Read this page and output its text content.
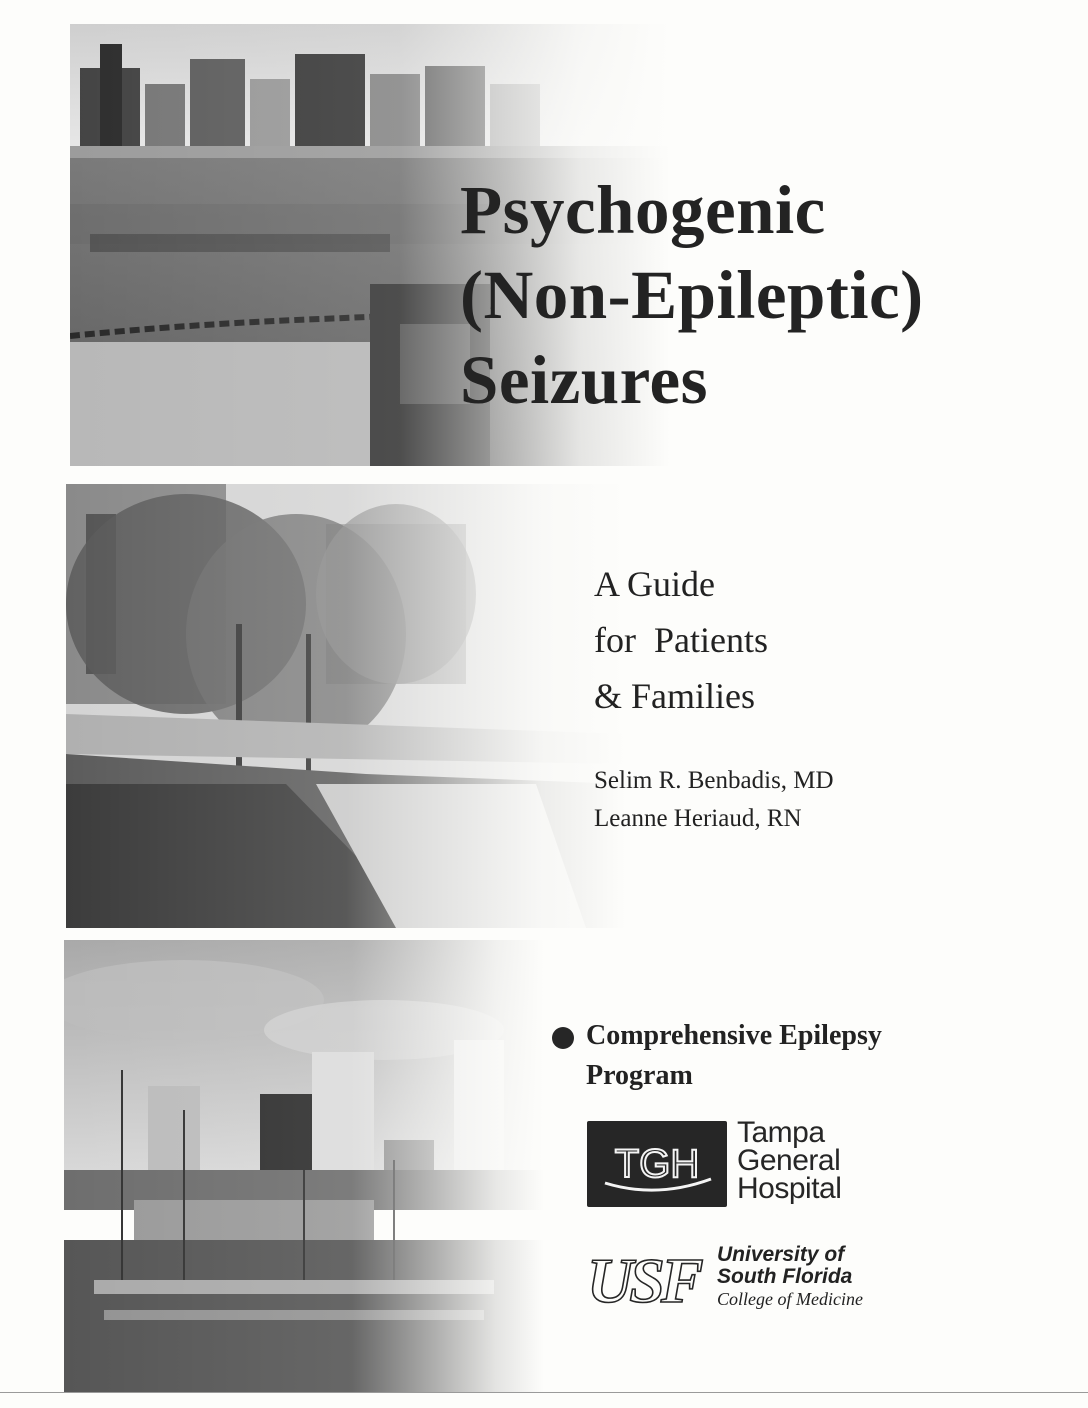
Psychogenic
(Non-Epileptic)
Seizures
A Guide
for  Patients
& Families
Selim R. Benbadis, MD
Leanne Heriaud, RN
Comprehensive Epilepsy
Program
TGH
Tampa
General
Hospital
USF University of
South Florida
College of Medicine
